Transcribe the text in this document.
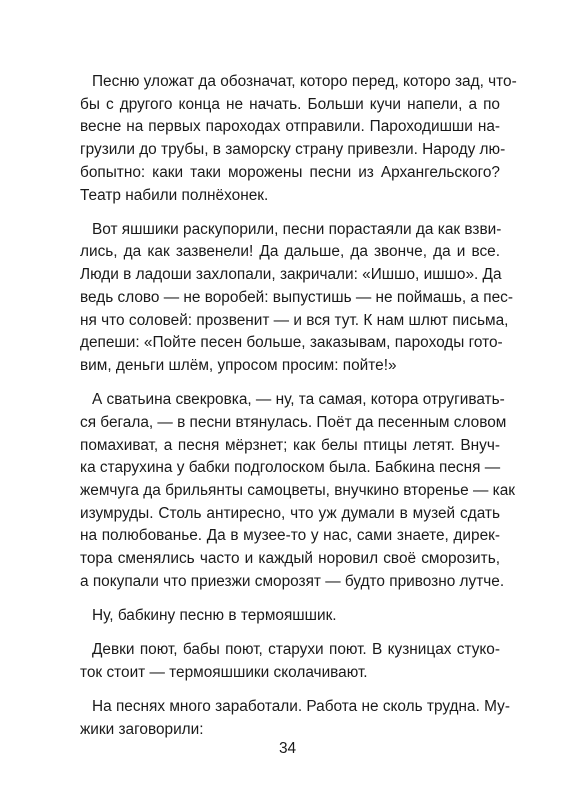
Песню уложат да обозначат, которо перед, которо зад, что-
бы с другого конца не начать. Больши кучи напели, а по
весне на первых пароходах отправили. Пароходишши на-
грузили до трубы, в заморску страну привезли. Народу лю-
бопытно: каки таки морожены песни из Архангельского?
Театр набили полнёхонек.
Вот яшшики раскупорили, песни порастаяли да как взви-
лись, да как зазвенели! Да дальше, да звонче, да и все.
Люди в ладоши захлопали, закричали: «Ишшо, ишшо». Да
ведь слово — не воробей: выпустишь — не поймашь, а пес-
ня что соловей: прозвенит — и вся тут. К нам шлют письма,
депеши: «Пойте песен больше, заказывам, пароходы гото-
вим, деньги шлём, упросом просим: пойте!»
А сватьина свекровка, — ну, та самая, котора отругивать-
ся бегала, — в песни втянулась. Поёт да песенным словом
помахиват, а песня мёрзнет; как белы птицы летят. Внуч-
ка старухина у бабки подголоском была. Бабкина песня —
жемчуга да брильянты самоцветы, внучкино вторенье — как
изумруды. Столь антиресно, что уж думали в музей сдать
на полюбованье. Да в музее-то у нас, сами знаете, дирек-
тора сменялись часто и каждый норовил своё сморозить,
а покупали что приезжи сморозят — будто привозно лутче.
Ну, бабкину песню в термояшшик.
Девки поют, бабы поют, старухи поют. В кузницах стуко-
ток стоит — термояшшики сколачивают.
На песнях много заработали. Работа не сколь трудна. Му-
жики заговорили:
34
